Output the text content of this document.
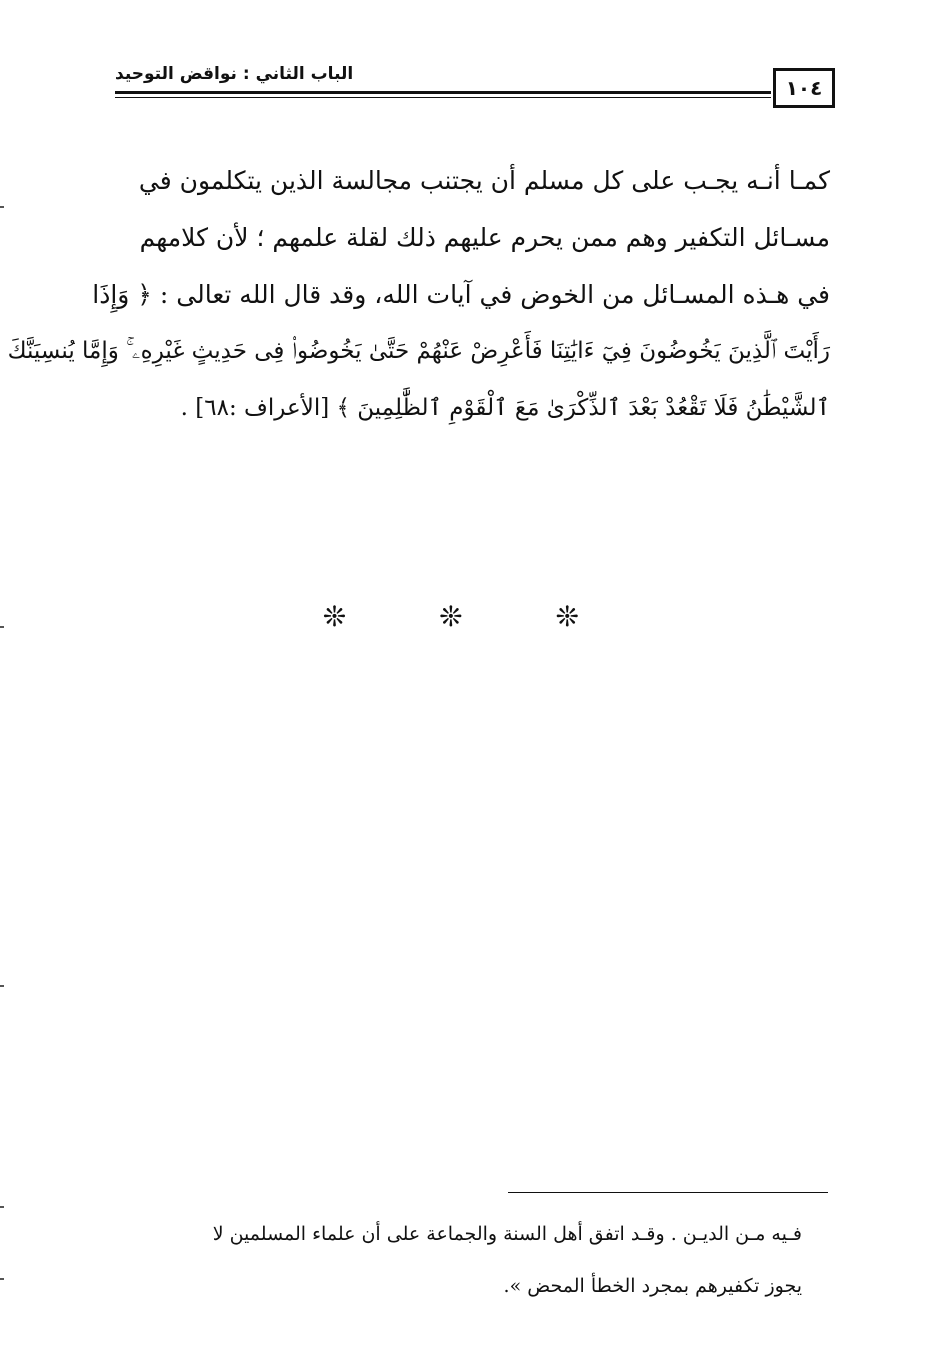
١٠٤
الباب الثاني : نواقض التوحيد
كمـا أنـه يجـب على كل مسلم أن يجتنب مجالسة الذين يتكلمون في
مسـائل التكفير وهم ممن يحرم عليهم ذلك لقلة علمهم ؛ لأن كلامهم
في هـذه المسـائل من الخوض في آيات الله، وقد قال الله تعالى : ﴿ وَإِذَا
رَأَيْتَ ٱلَّذِينَ يَخُوضُونَ فِيٓ ءَايَٰتِنَا فَأَعْرِضْ عَنْهُمْ حَتَّىٰ يَخُوضُوا۟ فِى حَدِيثٍ غَيْرِهِۦ ۚ وَإِمَّا يُنسِيَنَّكَ
ٱلشَّيْطَٰنُ فَلَا تَقْعُدْ بَعْدَ ٱلذِّكْرَىٰ مَعَ ٱلْقَوْمِ ٱلظَّٰلِمِينَ ﴾ [الأعراف :٦٨] .
❊ ❊ ❊
فـيه مـن الديـن . وقـد اتفق أهل السنة والجماعة على أن علماء المسلمين لا
يجوز تكفيرهم بمجرد الخطأ المحض ».
